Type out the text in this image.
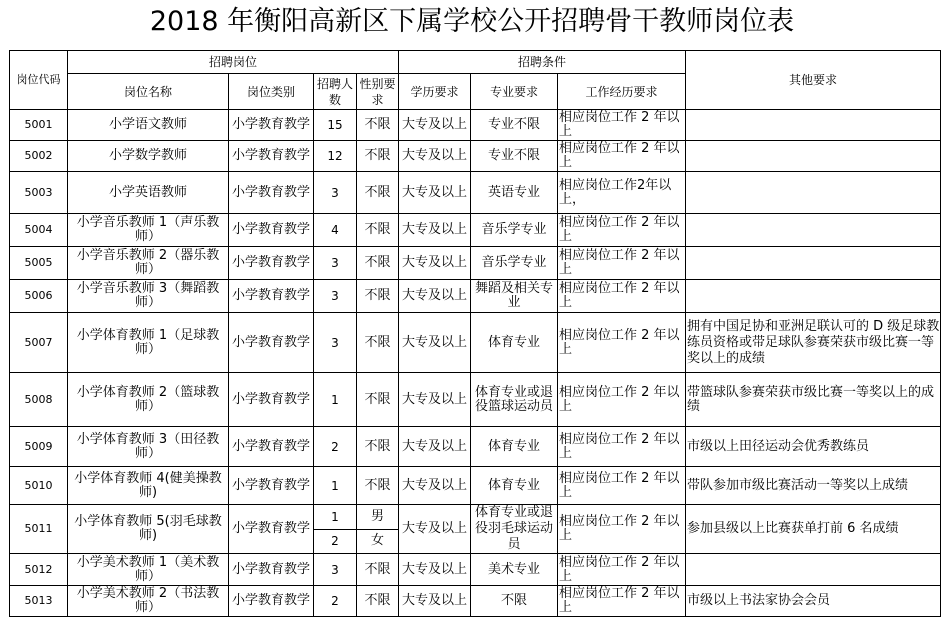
2018 年衡阳高新区下属学校公开招聘骨干教师岗位表
岗位代码	招聘岗位				招聘条件			其他要求
	岗位名称	岗位类别	招聘人数	性别要求	学历要求	专业要求	工作经历要求	
5001	小学语文教师	小学教育教学	15	不限	大专及以上	专业不限	相应岗位工作 2 年以上	
5002	小学数学教师	小学教育教学	12	不限	大专及以上	专业不限	相应岗位工作 2 年以上	
5003	小学英语教师	小学教育教学	3	不限	大专及以上	英语专业	相应岗位工作2年以上，	
5004	小学音乐教师 1（声乐教师）	小学教育教学	4	不限	大专及以上	音乐学专业	相应岗位工作 2 年以上	
5005	小学音乐教师 2（器乐教师）	小学教育教学	3	不限	大专及以上	音乐学专业	相应岗位工作 2 年以上	
5006	小学音乐教师 3（舞蹈教师）	小学教育教学	3	不限	大专及以上	舞蹈及相关专业	相应岗位工作 2 年以上	
5007	小学体育教师 1（足球教师）	小学教育教学	3	不限	大专及以上	体育专业	相应岗位工作 2 年以上	拥有中国足协和亚洲足联认可的 D 级足球教练员资格或带足球队参赛荣获市级比赛一等奖以上的成绩
5008	小学体育教师 2（篮球教师）	小学教育教学	1	不限	大专及以上	体育专业或退役篮球运动员	相应岗位工作 2 年以上	带篮球队参赛荣获市级比赛一等奖以上的成绩
5009	小学体育教师 3（田径教师）	小学教育教学	2	不限	大专及以上	体育专业	相应岗位工作 2 年以上	市级以上田径运动会优秀教练员
5010	小学体育教师 4(健美操教师)	小学教育教学	1	不限	大专及以上	体育专业	相应岗位工作 2 年以上	带队参加市级比赛活动一等奖以上成绩
5011	小学体育教师 5(羽毛球教师)	小学教育教学	1	男	大专及以上	体育专业或退役羽毛球运动员	相应岗位工作 2 年以上	参加县级以上比赛获单打前 6 名成绩
			2	女				
5012	小学美术教师 1（美术教师）	小学教育教学	3	不限	大专及以上	美术专业	相应岗位工作 2 年以上	
5013	小学美术教师 2（书法教师）	小学教育教学	2	不限	大专及以上	不限	相应岗位工作 2 年以上	市级以上书法家协会会员
